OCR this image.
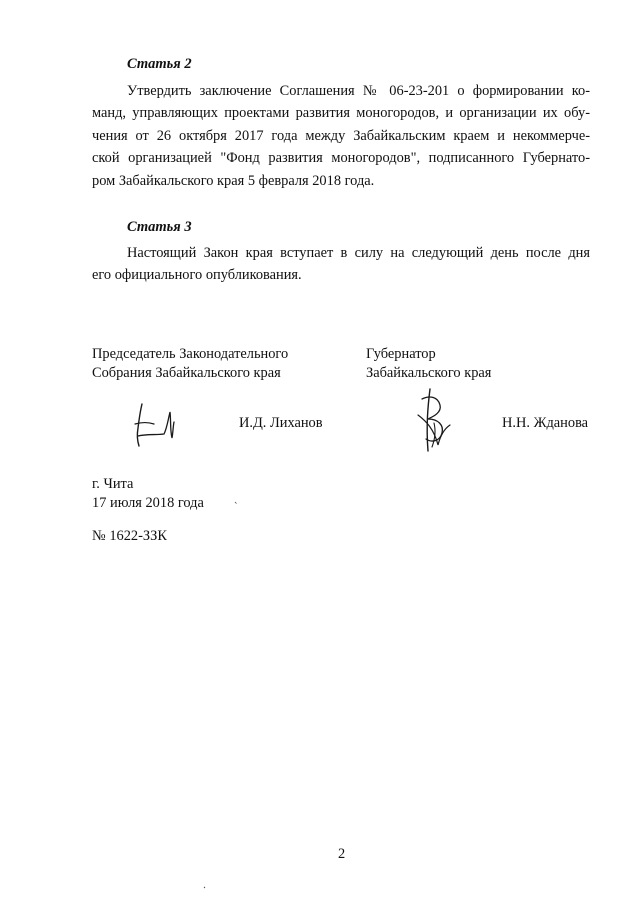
Статья 2

Утвердить заключение Соглашения № 06-23-201 о формировании ко-
манд, управляющих проектами развития моногородов, и организации их обу-
чения от 26 октября 2017 года между Забайкальским краем и некоммерче-
ской организацией "Фонд развития моногородов", подписанного Губернато-
ром Забайкальского края 5 февраля 2018 года.

Статья 3

Настоящий Закон края вступает в силу на следующий день после дня
его официального опубликования.

Председатель Законодательного

Собрания Забайкальского края

Губернатор

Забайкальского края

И.Д. Лиханов	Н.Н. Жданова

г. Чита

17 июля 2018 года

№ 1622-ЗЗК

2
